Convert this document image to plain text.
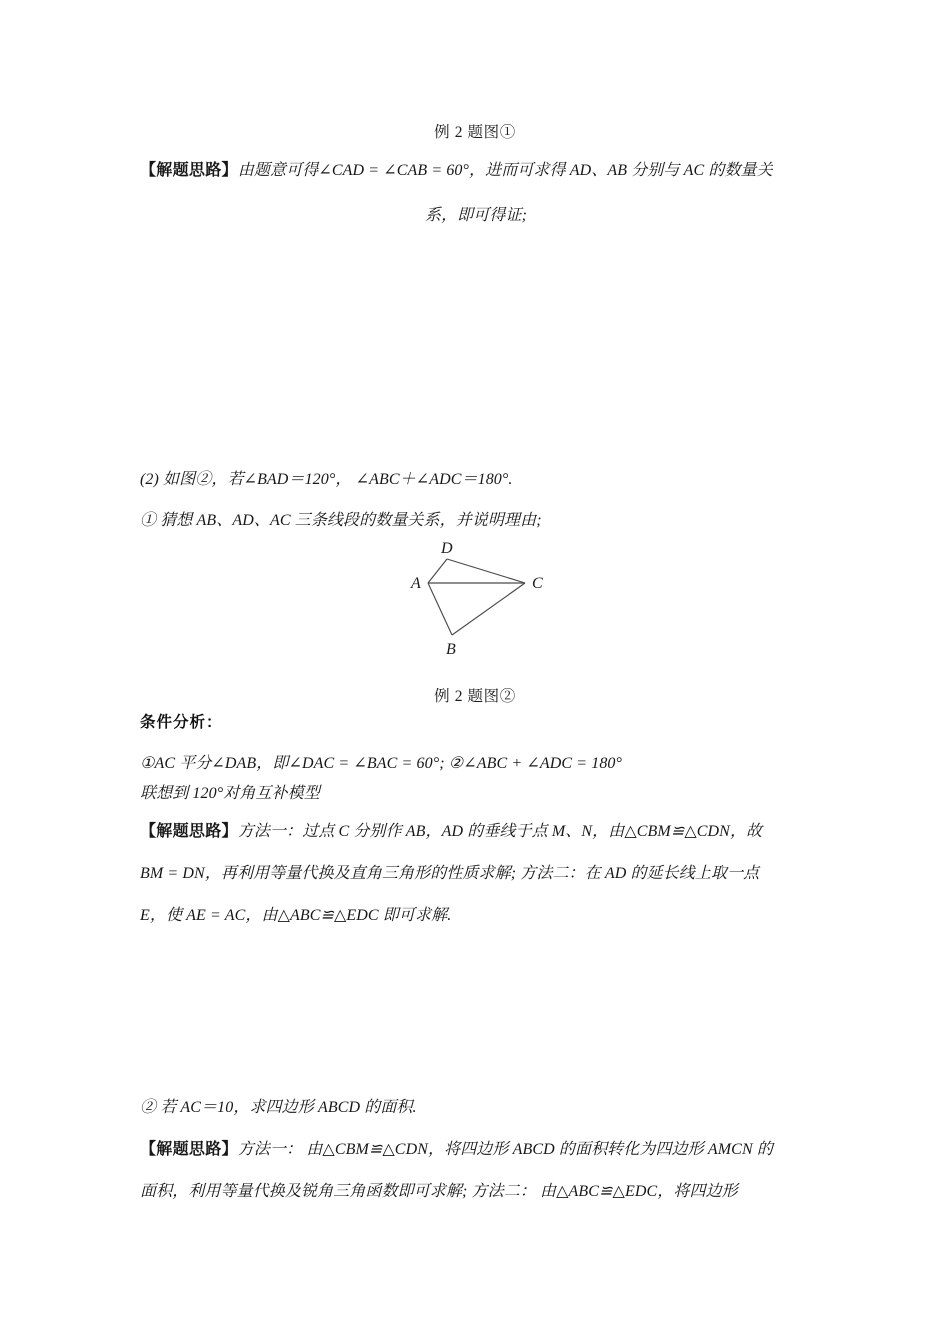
例 2 题图①
【解题思路】由题意可得∠CAD = ∠CAB = 60°，进而可求得 AD、AB 分别与 AC 的数量关
系，即可得证;
(2) 如图②，若∠BAD＝120°， ∠ABC＋∠ADC＝180°.
① 猜想 AB、AD、AC 三条线段的数量关系，并说明理由;
A
B
C
D
例 2 题图②
条件分析：
①AC 平分∠DAB，即∠DAC = ∠BAC = 60°; ②∠ABC + ∠ADC = 180°
联想到 120°对角互补模型
【解题思路】方法一：过点 C 分别作 AB，AD 的垂线于点 M、N，由△CBM≌△CDN，故
BM = DN，再利用等量代换及直角三角形的性质求解; 方法二：在 AD 的延长线上取一点
E，使 AE = AC，由△ABC≌△EDC 即可求解.
② 若 AC＝10，求四边形 ABCD 的面积.
【解题思路】方法一： 由△CBM≌△CDN，将四边形 ABCD 的面积转化为四边形 AMCN 的
面积，利用等量代换及锐角三角函数即可求解; 方法二： 由△ABC≌△EDC，将四边形
